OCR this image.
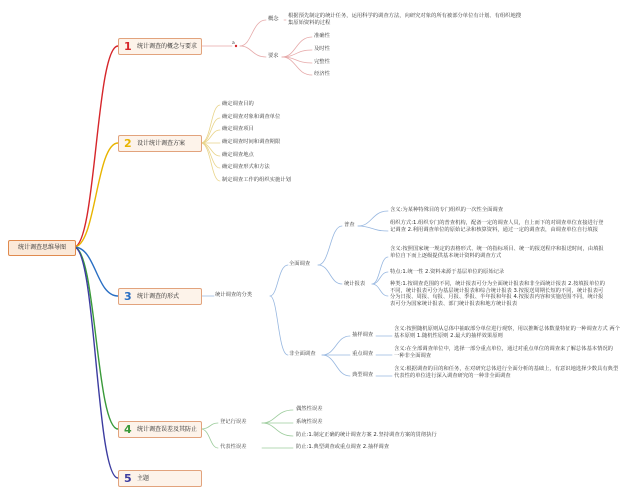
统计调查思维导图
1 统计调查的概念与要求
2 设计统计调查方案
3 统计调查的形式
4 统计调查误差及其防止
5 主题
a
概念 根据预先制定的统计任务，运用科学的调查方法，向研究对象的所有被部分单位有计划、有组织地搜集原始资料的过程
要求
准确性
及时性
完整性
经济性
确定调查目的
确定调查对象和调查单位
确定调查项目
确定调查时间和调查期限
确定调查地点
确定调查形式和方法
制定调查工作的组织实施计划
统计调查的分类
全面调查
普查
含义:为某种特殊目的专门组织的一次性全面调查
组织方式:1.组织专门的普查机构，配备一定的调查人员，自上而下的对调查单位直接进行登记调查 2.利用调查单位的原始记录和核算资料，通过一定的调查表，由调查单位自行填报
统计报表
含义:按照国家统一规定的表格形式、统一的指标项目、统一的报送程序和报送时间，由填报单位自下而上逐级提供基本统计资料的调查方式
特点:1.统一性 2.资料来源于基层单位的原始记录
种类:1.按调查范围的不同，统计报表可分为全面统计报表和非全面统计报表 2.按填报单位的不同，统计报表可分为基层统计报表和综合统计报表 3.按报送周期长短的不同，统计报表可分为日报、周报、旬报、月报、季报、半年报和年报 4.按报表内容和实施范围不同，统计报表可分为国家统计报表、部门统计报表和地方统计报表
非全面调查
抽样调查
含义:按照随机原则从总体中抽取部分单位进行观察，用以推断总体数量特征的一种调查方式 两个基本原则 1.随机性原则 2.最大的抽样效果原则
重点调查
含义:在全部调查单位中，选择一部分重点单位，通过对重点单位的调查来了解总体基本情况的一种非全面调查
典型调查
含义:根据调查的目的和任务，在对研究总体进行全面分析的基础上，有意识地选择少数具有典型代表性的单位进行深入调查研究的一种非全面调查
登记行误差
偶然性误差
系统性误差
防止:1.制定正确的统计调查方案 2.坚持调查方案的贯彻执行
代表性误差	防止:1.典型调查或重点调查 2.抽样调查
